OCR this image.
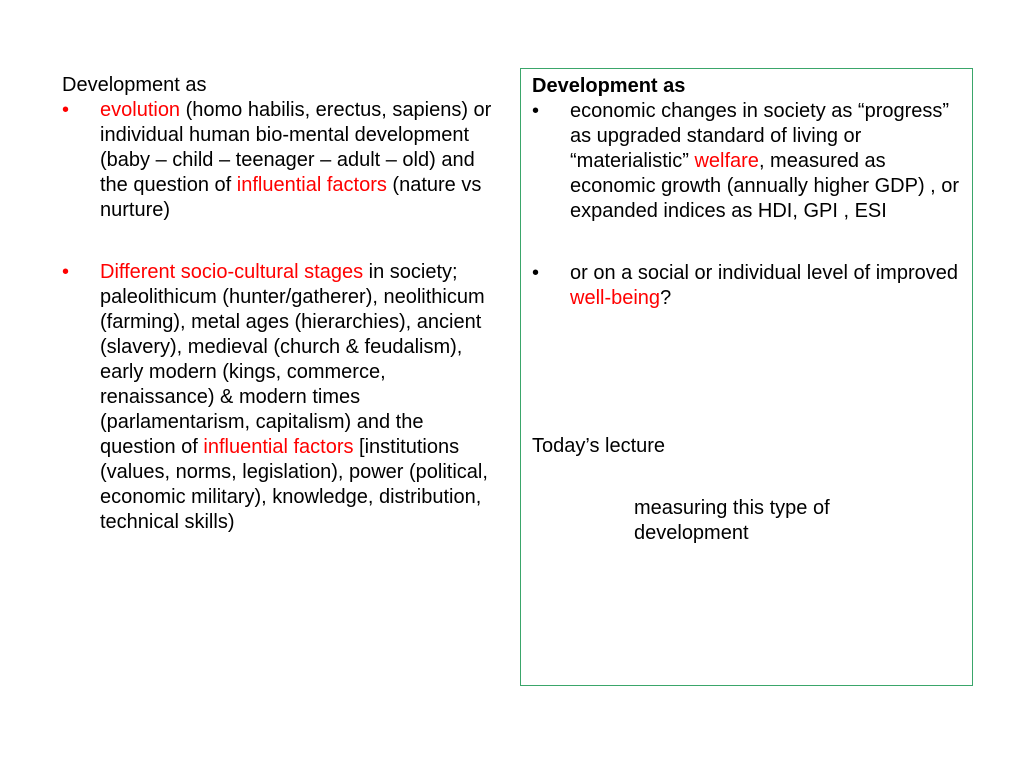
Development as

•	evolution (homo habilis, erectus, sapiens) or individual human bio-mental development (baby – child – teenager – adult – old) and the question of influential factors (nature vs nurture)
•	Different socio-cultural stages in society; paleolithicum (hunter/gatherer), neolithicum (farming), metal ages (hierarchies), ancient (slavery), medieval (church & feudalism), early modern (kings, commerce, renaissance) & modern times (parlamentarism, capitalism) and the question of influential factors [institutions (values, norms, legislation), power (political, economic military), knowledge, distribution, technical skills)

Development as

•	economic changes in society as “progress” as upgraded standard of living or “materialistic” welfare, measured as economic growth (annually higher GDP) , or expanded indices as HDI, GPI , ESI
•	or on a social or individual level of improved well-being?

Today’s lecture

measuring this type of development
